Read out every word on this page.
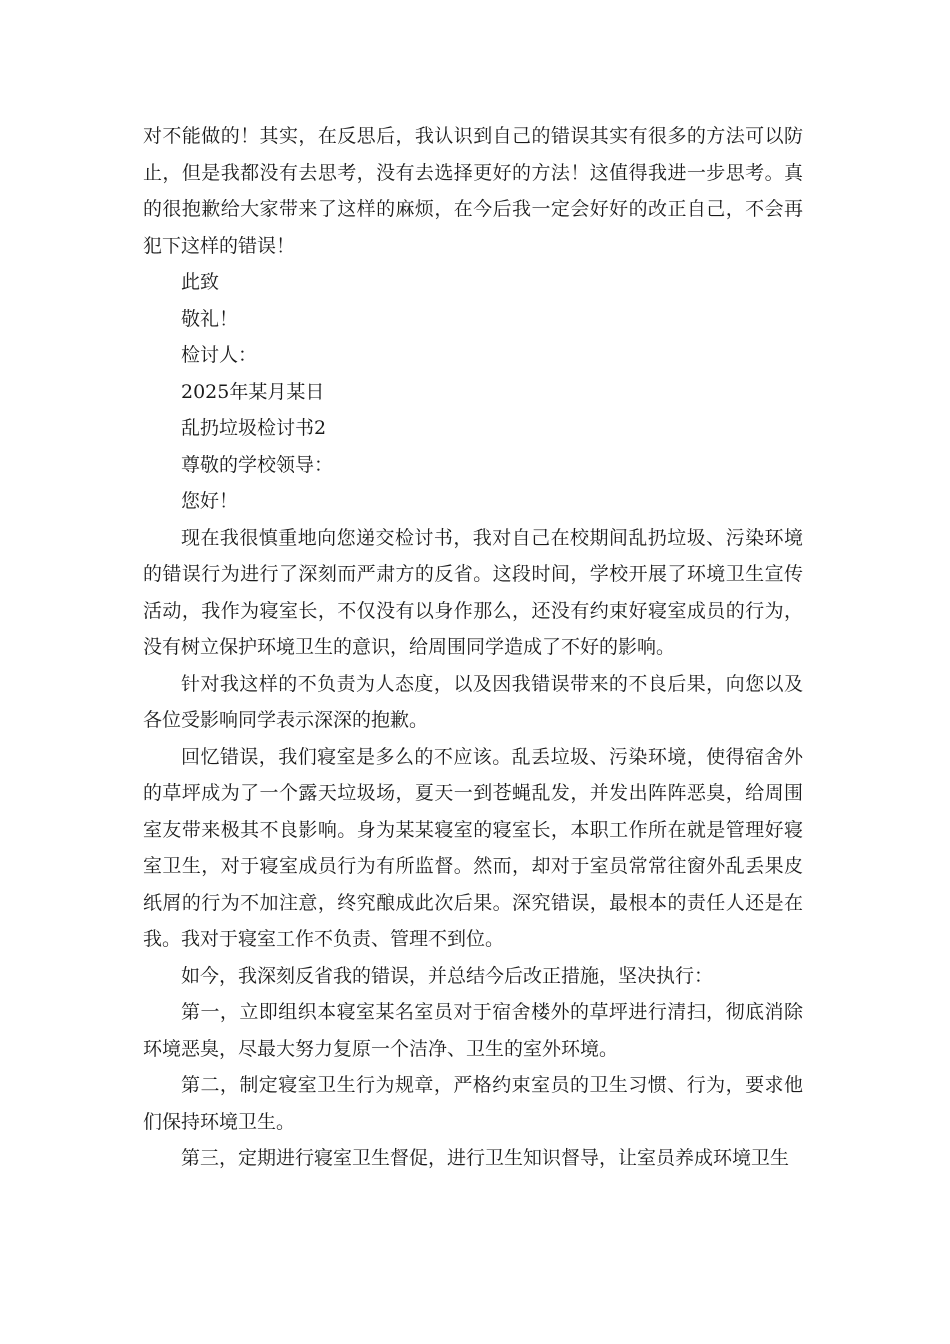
对不能做的！其实，在反思后，我认识到自己的错误其实有很多的方法可以防止，但是我都没有去思考，没有去选择更好的方法！这值得我进一步思考。真的很抱歉给大家带来了这样的麻烦，在今后我一定会好好的改正自己，不会再犯下这样的错误！

此致

敬礼！

检讨人：

2025年某月某日

乱扔垃圾检讨书2

尊敬的学校领导：

您好！

现在我很慎重地向您递交检讨书，我对自己在校期间乱扔垃圾、污染环境的错误行为进行了深刻而严肃方的反省。这段时间，学校开展了环境卫生宣传活动，我作为寝室长，不仅没有以身作那么，还没有约束好寝室成员的行为，没有树立保护环境卫生的意识，给周围同学造成了不好的影响。

针对我这样的不负责为人态度，以及因我错误带来的不良后果，向您以及各位受影响同学表示深深的抱歉。

回忆错误，我们寝室是多么的不应该。乱丢垃圾、污染环境，使得宿舍外的草坪成为了一个露天垃圾场，夏天一到苍蝇乱发，并发出阵阵恶臭，给周围室友带来极其不良影响。身为某某寝室的寝室长，本职工作所在就是管理好寝室卫生，对于寝室成员行为有所监督。然而，却对于室员常常往窗外乱丢果皮纸屑的行为不加注意，终究酿成此次后果。深究错误，最根本的责任人还是在我。我对于寝室工作不负责、管理不到位。

如今，我深刻反省我的错误，并总结今后改正措施，坚决执行：

第一，立即组织本寝室某名室员对于宿舍楼外的草坪进行清扫，彻底消除环境恶臭，尽最大努力复原一个洁净、卫生的室外环境。

第二，制定寝室卫生行为规章，严格约束室员的卫生习惯、行为，要求他们保持环境卫生。

第三，定期进行寝室卫生督促，进行卫生知识督导，让室员养成环境卫生
